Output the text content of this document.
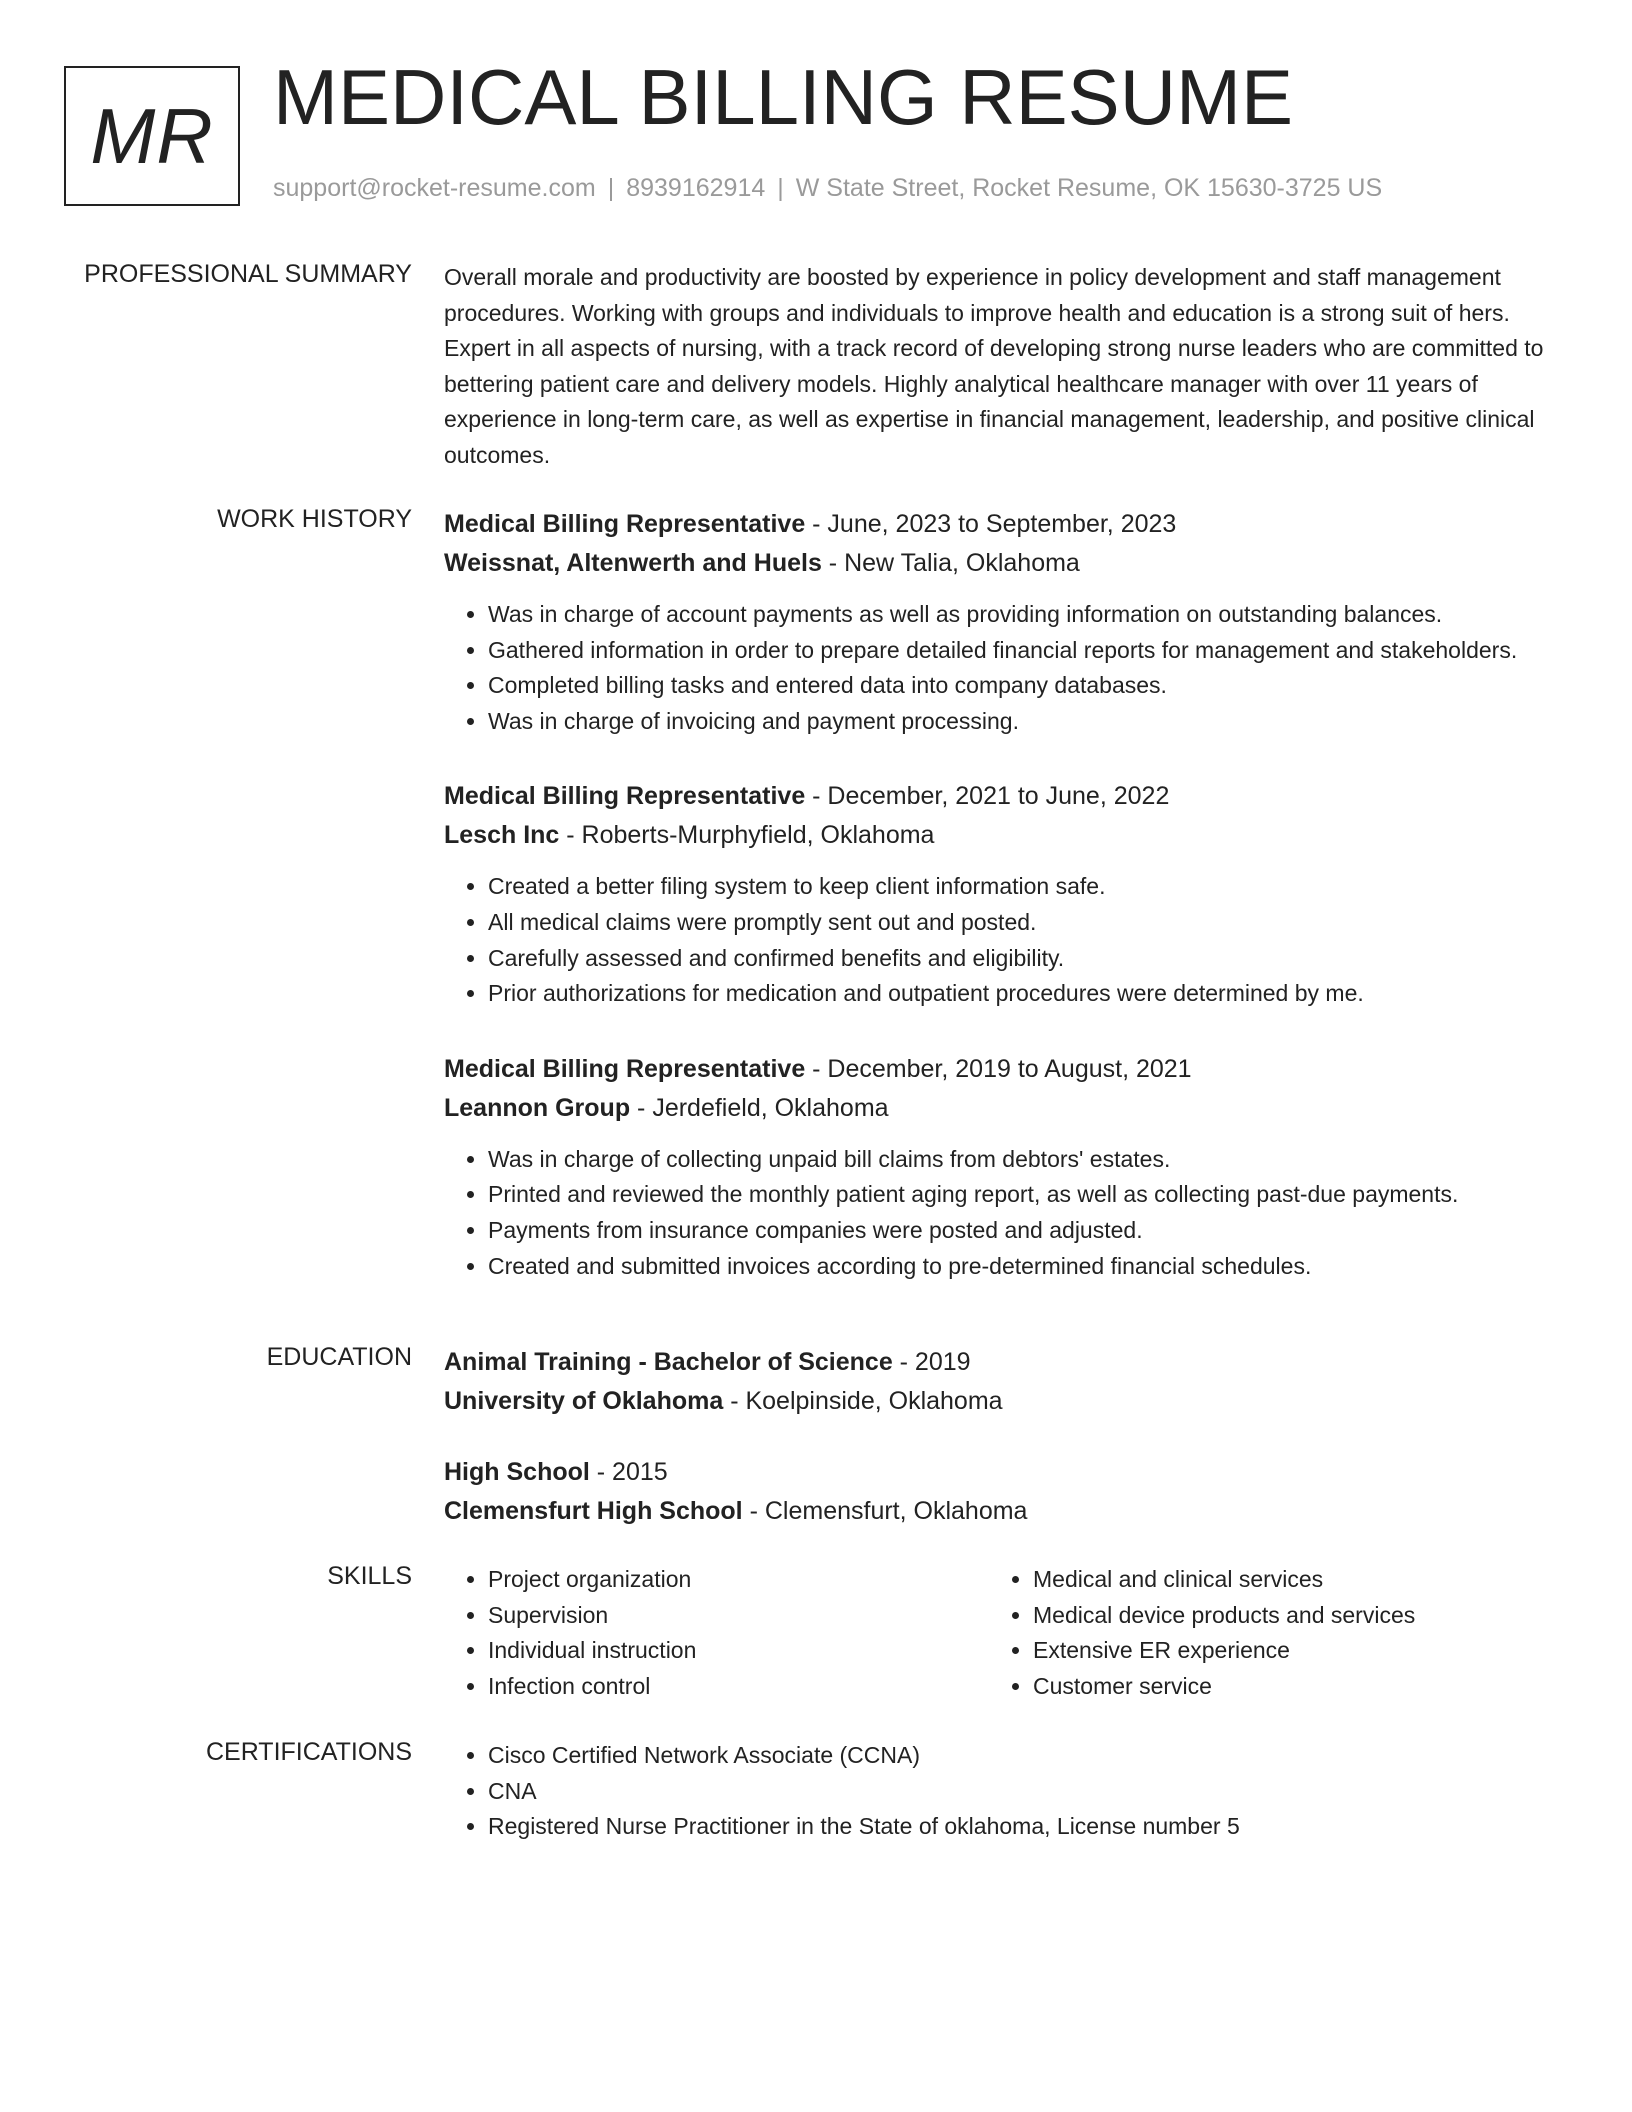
MR MEDICAL BILLING RESUME
support@rocket-resume.com | 8939162914 | W State Street, Rocket Resume, OK 15630-3725 US
PROFESSIONAL SUMMARY Overall morale and productivity are boosted by experience in policy development and staff management procedures. Working with groups and individuals to improve health and education is a strong suit of hers. Expert in all aspects of nursing, with a track record of developing strong nurse leaders who are committed to bettering patient care and delivery models. Highly analytical healthcare manager with over 11 years of experience in long-term care, as well as expertise in financial management, leadership, and positive clinical outcomes.

WORK HISTORY Medical Billing Representative - June, 2023 to September, 2023
Weissnat, Altenwerth and Huels - New Talia, Oklahoma
• Was in charge of account payments as well as providing information on outstanding balances.
• Gathered information in order to prepare detailed financial reports for management and stakeholders.
• Completed billing tasks and entered data into company databases.
• Was in charge of invoicing and payment processing.
Medical Billing Representative - December, 2021 to June, 2022
Lesch Inc - Roberts-Murphyfield, Oklahoma
• Created a better filing system to keep client information safe.
• All medical claims were promptly sent out and posted.
• Carefully assessed and confirmed benefits and eligibility.
• Prior authorizations for medication and outpatient procedures were determined by me.
Medical Billing Representative - December, 2019 to August, 2021
Leannon Group - Jerdefield, Oklahoma
• Was in charge of collecting unpaid bill claims from debtors' estates.
• Printed and reviewed the monthly patient aging report, as well as collecting past-due payments.
• Payments from insurance companies were posted and adjusted.
• Created and submitted invoices according to pre-determined financial schedules.
EDUCATION Animal Training - Bachelor of Science - 2019
University of Oklahoma - Koelpinside, Oklahoma
High School - 2015
Clemensfurt High School - Clemensfurt, Oklahoma
SKILLS	• Project organization
• Supervision
• Individual instruction
• Infection control
• Medical and clinical services
• Medical device products and services
• Extensive ER experience
• Customer service
CERTIFICATIONS	• Cisco Certified Network Associate (CCNA)
• CNA
• Registered Nurse Practitioner in the State of oklahoma, License number 5
